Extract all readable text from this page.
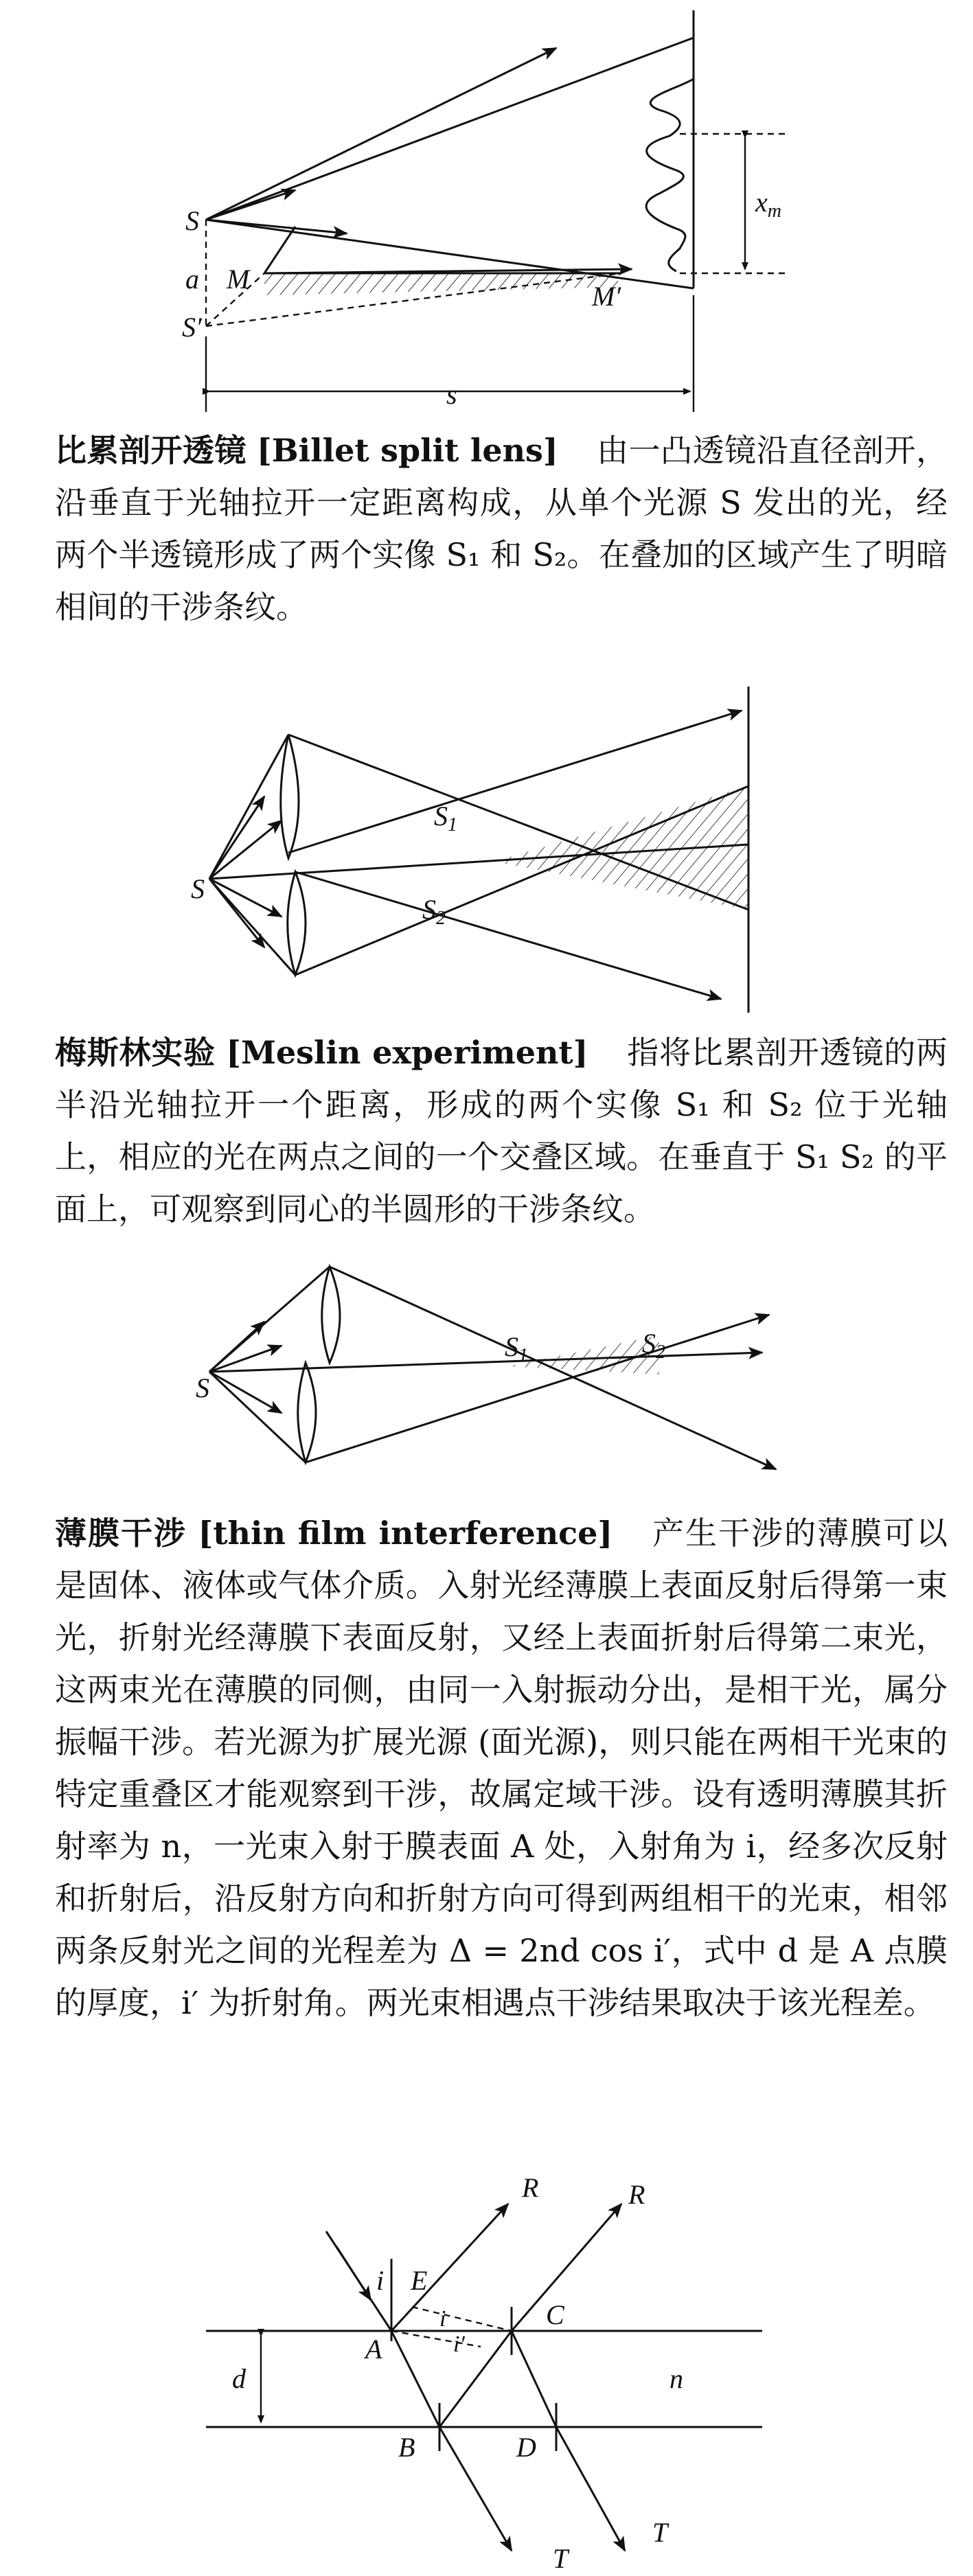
S
a M
S′
M′
$x_m$
s
比累剖开透镜 [Billet split lens] 由一凸透镜沿直径剖开，沿垂直于光轴拉开一定距离构成，从单个光源 S 发出的光，经两个半透镜形成了两个实像 S₁ 和 S₂。在叠加的区域产生了明暗相间的干涉条纹。
S
$S_1$
$S_2$
梅斯林实验 [Meslin experiment] 指将比累剖开透镜的两半沿光轴拉开一个距离，形成的两个实像 S₁ 和 S₂ 位于光轴上，相应的光在两点之间的一个交叠区域。在垂直于 S₁ S₂ 的平面上，可观察到同心的半圆形的干涉条纹。
S
$S_1$	$S_2$
薄膜干涉 [thin film interference] 产生干涉的薄膜可以是固体、液体或气体介质。入射光经薄膜上表面反射后得第一束光，折射光经薄膜下表面反射，又经上表面折射后得第二束光，这两束光在薄膜的同侧，由同一入射振动分出，是相干光，属分振幅干涉。若光源为扩展光源 (面光源)，则只能在两相干光束的特定重叠区才能观察到干涉，故属定域干涉。设有透明薄膜其折射率为 n，一光束入射于膜表面 A 处，入射角为 i，经多次反射和折射后，沿反射方向和折射方向可得到两组相干的光束，相邻两条反射光之间的光程差为 Δ = 2nd cos i′，式中 d 是 A 点膜的厚度，i′ 为折射角。两光束相遇点干涉结果取决于该光程差。
R	R
i E
i
i′
C
A
d	n
B	D
T
T
